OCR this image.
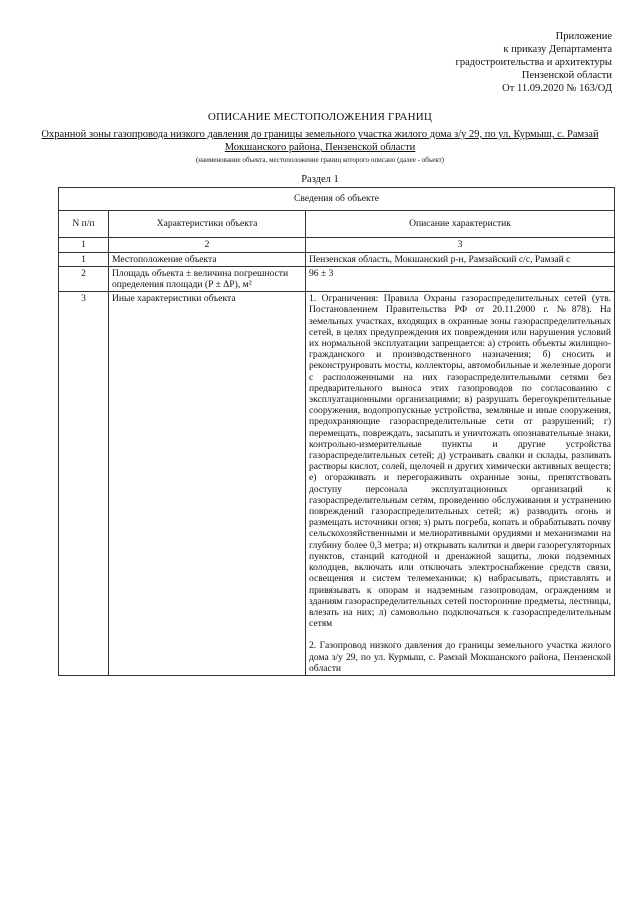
Приложение
к приказу Департамента
градостроительства и архитектуры
Пензенской области
От 11.09.2020 № 163/ОД
ОПИСАНИЕ МЕСТОПОЛОЖЕНИЯ ГРАНИЦ
Охранной зоны газопровода низкого давления до границы земельного участка жилого дома з/у 29, по ул. Курмыш, с. Рамзай Мокшанского района, Пензенской области
(наименование объекта, местоположение границ которого описано (далее - объект)
Раздел 1
Сведения об объекте		
N п/п	Характеристики объекта	Описание характеристик
1	2	3
1	Местоположение объекта	Пензенская область, Мокшанский р-н, Рамзайский с/с, Рамзай с
2	Площадь объекта ± величина погрешности определения площади (P ± ΔP), м²	96 ± 3
3	Иные характеристики объекта	1. Ограничения: Правила Охраны газораспределительных сетей (утв. Постановлением Правительства РФ от 20.11.2000 г. №878). На земельных участках, входящих в охранные зоны газораспределительных сетей, в целях предупреждения их повреждения или нарушения условий их нормальной эксплуатации запрещается: а) строить объекты жилищно-гражданского и производственного назначения; б) сносить и реконструировать мосты, коллекторы, автомобильные и железные дороги с расположенными на них газораспределительными сетями без предварительного выноса этих газопроводов по согласованию с эксплуатационными организациями; в) разрушать берегоукрепительные сооружения, водопропускные устройства, земляные и иные сооружения, предохраняющие газораспределительные сети от разрушений; г) перемещать, повреждать, засыпать и уничтожать опознавательные знаки, контрольно-измерительные пункты и другие устройства газораспределительных сетей; д) устраивать свалки и склады, разливать растворы кислот, солей, щелочей и других химически активных веществ; е) огораживать и перегораживать охранные зоны, препятствовать доступу персонала эксплуатационных организаций к газораспределительным сетям, проведению обслуживания и устранению повреждений газораспределительных сетей; ж) разводить огонь и размещать источники огня; з) рыть погреба, копать и обрабатывать почву сельскохозяйственными и мелиоративными орудиями и механизмами на глубину более 0,3 метра; и) открывать калитки и двери газорегуляторных пунктов, станций катодной и дренажной защиты, люки подземных колодцев, включать или отключать электроснабжение средств связи, освещения и систем телемеханики; к) набрасывать, приставлять и привязывать к опорам и надземным газопроводам, ограждениям и зданиям газораспределительных сетей посторонние предметы, лестницы, влезать на них; л) самовольно подключаться к газораспределительным сетям

2. Газопровод низкого давления до границы земельного участка жилого дома з/у 29, по ул. Курмыш, с. Рамзай Мокшанского района, Пензенской области
